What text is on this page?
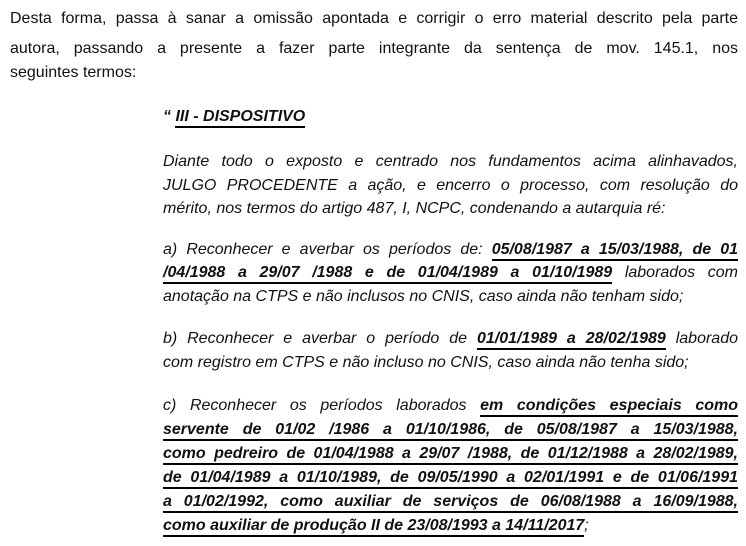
Desta forma, passa à sanar a omissão apontada e corrigir o erro material descrito pela parte
autora, passando a presente a fazer parte integrante da sentença de mov. 145.1, nos
seguintes termos:
“ III - DISPOSITIVO
Diante todo o exposto e centrado nos fundamentos acima alinhavados,
JULGO PROCEDENTE a ação, e encerro o processo, com resolução do
mérito, nos termos do artigo 487, I, NCPC, condenando a autarquia ré:
a) Reconhecer e averbar os períodos de: 05/08/1987 a 15/03/1988, de 01
/04/1988 a 29/07 /1988 e de 01/04/1989 a 01/10/1989 laborados com
anotação na CTPS e não inclusos no CNIS, caso ainda não tenham sido;
b) Reconhecer e averbar o período de 01/01/1989 a 28/02/1989 laborado
com registro em CTPS e não incluso no CNIS, caso ainda não tenha sido;
c) Reconhecer os períodos laborados em condições especiais como
servente de 01/02 /1986 a 01/10/1986, de 05/08/1987 a 15/03/1988,
como pedreiro de 01/04/1988 a 29/07 /1988, de 01/12/1988 a 28/02/1989,
de 01/04/1989 a 01/10/1989, de 09/05/1990 a 02/01/1991 e de 01/06/1991
a 01/02/1992, como auxiliar de serviços de 06/08/1988 a 16/09/1988,
como auxiliar de produção II de 23/08/1993 a 14/11/2017;
